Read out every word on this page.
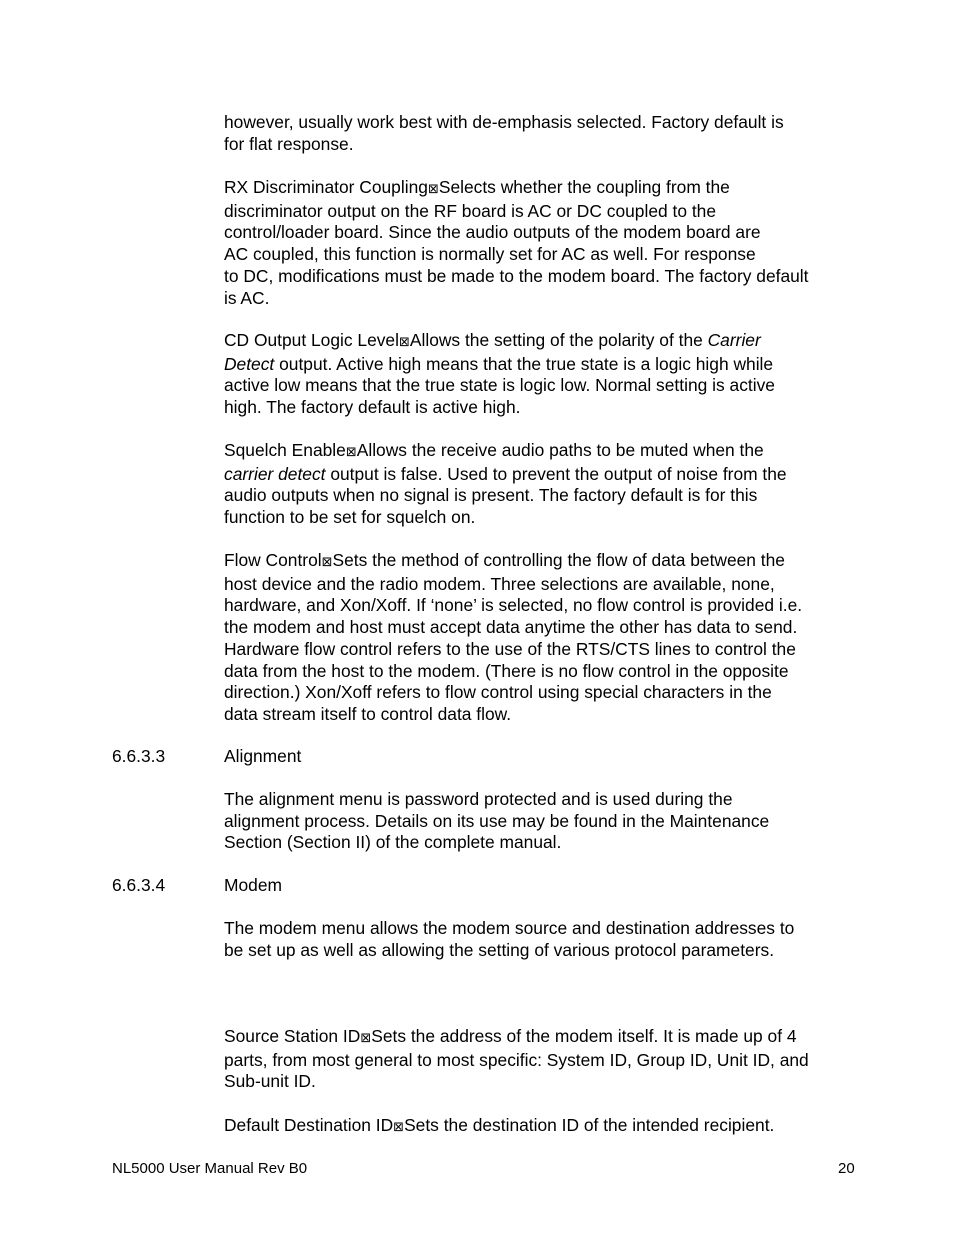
however, usually work best with de-emphasis selected. Factory default is

for flat response.

RX Discriminator Coupling⊠Selects whether the coupling from the

discriminator output on the RF board is AC or DC coupled to the

control/loader board. Since the audio outputs of the modem board are

AC coupled, this function is normally set for AC as well. For response

to DC, modifications must be made to the modem board. The factory default

is AC.

CD Output Logic Level⊠Allows the setting of the polarity of the Carrier

Detect output. Active high means that the true state is a logic high while

active low means that the true state is logic low. Normal setting is active

high. The factory default is active high.

Squelch Enable⊠Allows the receive audio paths to be muted when the

carrier detect output is false. Used to prevent the output of noise from the

audio outputs when no signal is present. The factory default is for this

function to be set for squelch on.

Flow Control⊠Sets the method of controlling the flow of data between the

host device and the radio modem. Three selections are available, none,

hardware, and Xon/Xoff. If ‘none’ is selected, no flow control is provided i.e.

the modem and host must accept data anytime the other has data to send.

Hardware flow control refers to the use of the RTS/CTS lines to control the

data from the host to the modem. (There is no flow control in the opposite

direction.) Xon/Xoff refers to flow control using special characters in the

data stream itself to control data flow.

6.6.3.3	Alignment

The alignment menu is password protected and is used during the

alignment process. Details on its use may be found in the Maintenance

Section (Section II) of the complete manual.

6.6.3.4	Modem

The modem menu allows the modem source and destination addresses to

be set up as well as allowing the setting of various protocol parameters.

Source Station ID⊠Sets the address of the modem itself. It is made up of 4

parts, from most general to most specific: System ID, Group ID, Unit ID, and

Sub-unit ID.

Default Destination ID⊠Sets the destination ID of the intended recipient.

NL5000 User Manual Rev B0	20
